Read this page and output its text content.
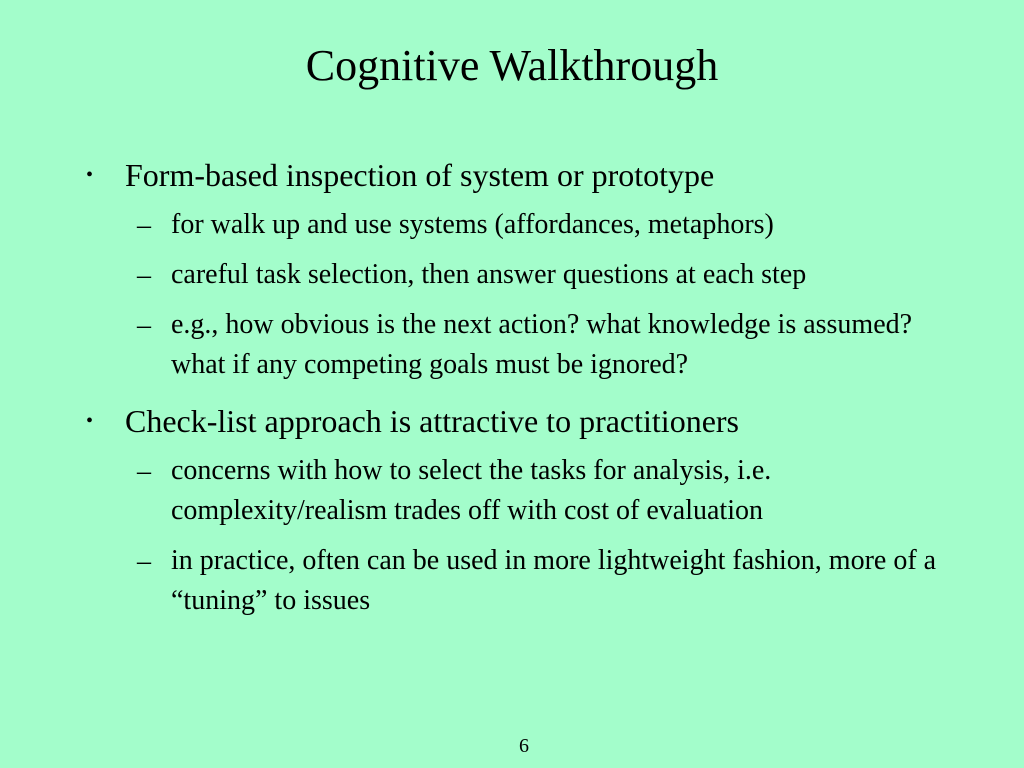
Cognitive Walkthrough
• Form-based inspection of system or prototype
– for walk up and use systems (affordances, metaphors)
– careful task selection, then answer questions at each step
– e.g., how obvious is the next action? what knowledge is assumed? what if any competing goals must be ignored?
• Check-list approach is attractive to practitioners
– concerns with how to select the tasks for analysis, i.e. complexity/realism trades off with cost of evaluation
– in practice, often can be used in more lightweight fashion, more of a “tuning” to issues
6
